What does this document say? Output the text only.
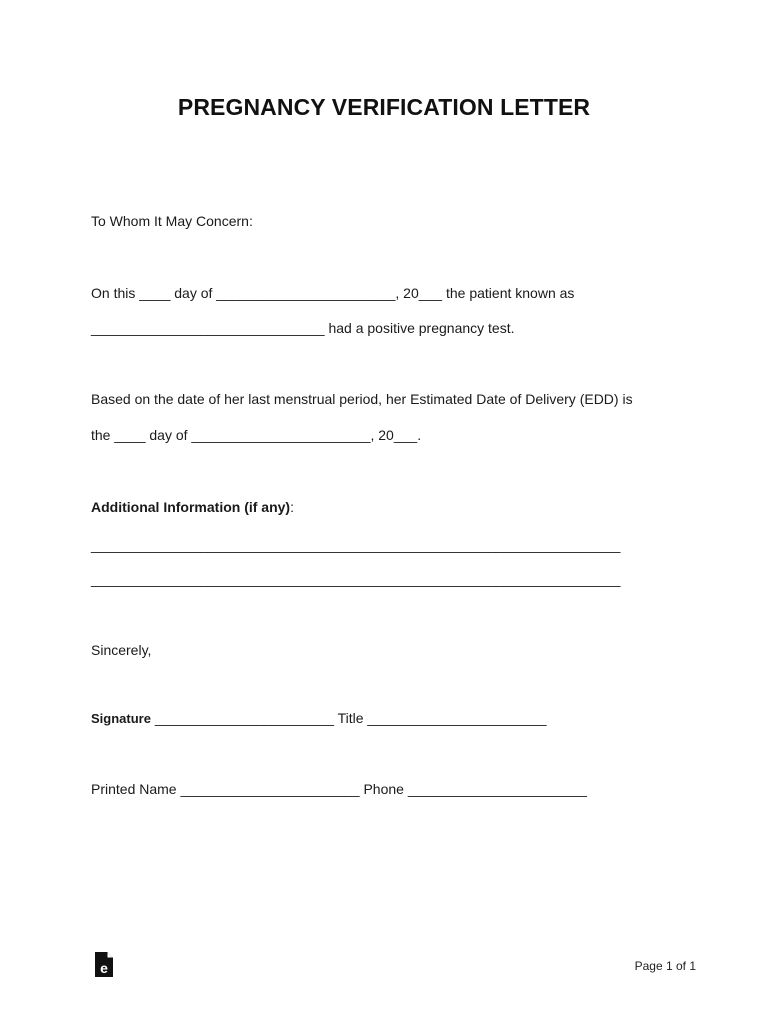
PREGNANCY VERIFICATION LETTER
To Whom It May Concern:
On this ____ day of _______________________, 20___ the patient known as
______________________________ had a positive pregnancy test.
Based on the date of her last menstrual period, her Estimated Date of Delivery (EDD) is
the ____ day of _______________________, 20___.
Additional Information (if any):
____________________________________________________________________
____________________________________________________________________
Sincerely,
Signature _______________________ Title _______________________
Printed Name _______________________ Phone _______________________
e	Page 1 of 1
